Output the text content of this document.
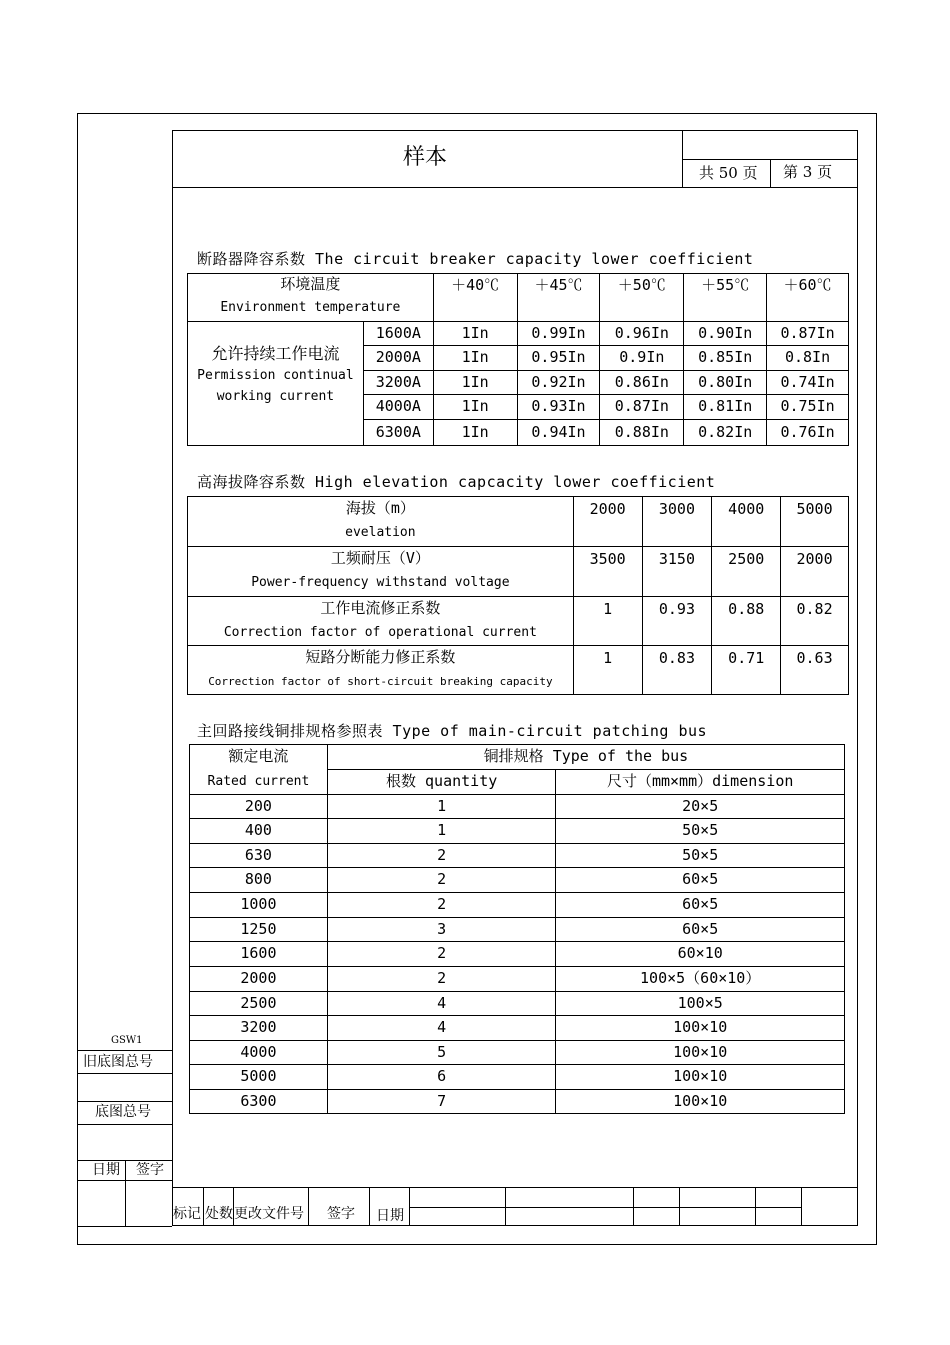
样本
共 50 页 第 3 页
断路器降容系数 The circuit breaker capacity lower coefficient
环境温度
Environment temperature		＋40℃	＋45℃	＋50℃	＋55℃	＋60℃

允许持续工作电流
Permission continual
working current	1600A	1In	0.99In	0.96In	0.90In	0.87In
	2000A	1In	0.95In	0.9In	0.85In	0.8In
	3200A	1In	0.92In	0.86In	0.80In	0.74In
	4000A	1In	0.93In	0.87In	0.81In	0.75In
	6300A	1In	0.94In	0.88In	0.82In	0.76In
高海拔降容系数 High elevation capcacity lower coefficient
海拔（m）
evelation	2000	3000	4000	5000

工频耐压（V）
Power-frequency withstand voltage	3500	3150	2500	2000

工作电流修正系数
Correction factor of operational current	1	0.93	0.88	0.82

短路分断能力修正系数
Correction factor of short-circuit breaking capacity	1	0.83	0.71	0.63
主回路接线铜排规格参照表 Type of main-circuit patching bus
额定电流	铜排规格 Type of the bus	
Rated current	根数 quantity	尺寸（mm×mm）dimension
200	1	20×5
400	1	50×5
630	2	50×5
800	2	60×5
1000	2	60×5
1250	3	60×5
1600	2	60×10
2000	2	100×5（60×10）
2500	4	100×5
3200	4	100×10
4000	5	100×10
5000	6	100×10
6300	7	100×10
GSW1
旧底图总号
底图总号
日期 签字
标记 处数 更改文件号 签字 日期
